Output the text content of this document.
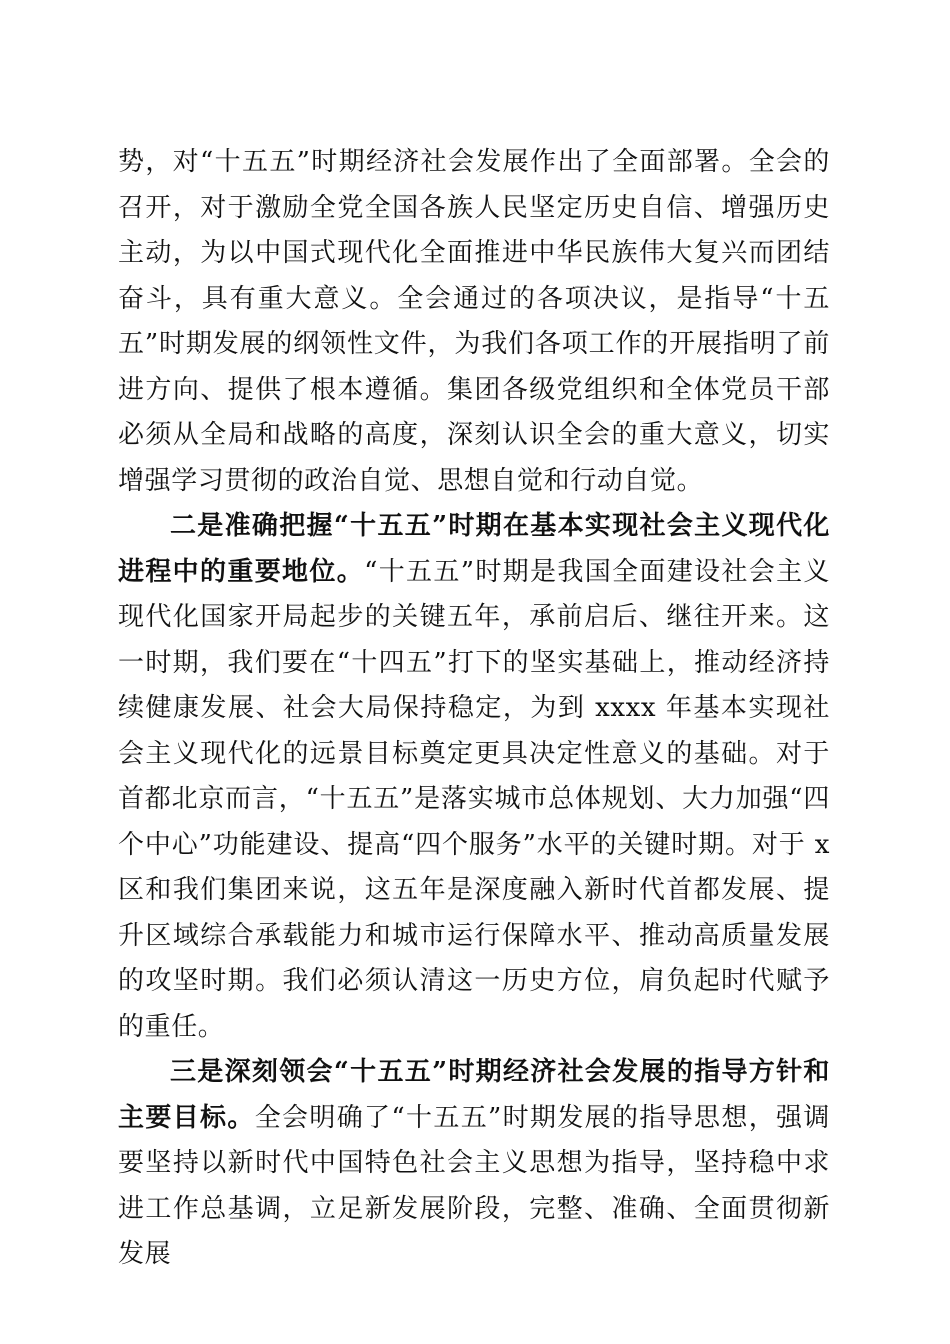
势，对“十五五”时期经济社会发展作出了全面部署。全会的召开，对于激励全党全国各族人民坚定历史自信、增强历史主动，为以中国式现代化全面推进中华民族伟大复兴而团结奋斗，具有重大意义。全会通过的各项决议，是指导“十五五”时期发展的纲领性文件，为我们各项工作的开展指明了前进方向、提供了根本遵循。集团各级党组织和全体党员干部必须从全局和战略的高度，深刻认识全会的重大意义，切实增强学习贯彻的政治自觉、思想自觉和行动自觉。

二是准确把握“十五五”时期在基本实现社会主义现代化进程中的重要地位。“十五五”时期是我国全面建设社会主义现代化国家开局起步的关键五年，承前启后、继往开来。这一时期，我们要在“十四五”打下的坚实基础上，推动经济持续健康发展、社会大局保持稳定，为到 xxxx 年基本实现社会主义现代化的远景目标奠定更具决定性意义的基础。对于首都北京而言，“十五五”是落实城市总体规划、大力加强“四个中心”功能建设、提高“四个服务”水平的关键时期。对于 x 区和我们集团来说，这五年是深度融入新时代首都发展、提升区域综合承载能力和城市运行保障水平、推动高质量发展的攻坚时期。我们必须认清这一历史方位，肩负起时代赋予的重任。

三是深刻领会“十五五”时期经济社会发展的指导方针和主要目标。全会明确了“十五五”时期发展的指导思想，强调要坚持以新时代中国特色社会主义思想为指导，坚持稳中求进工作总基调，立足新发展阶段，完整、准确、全面贯彻新发展
